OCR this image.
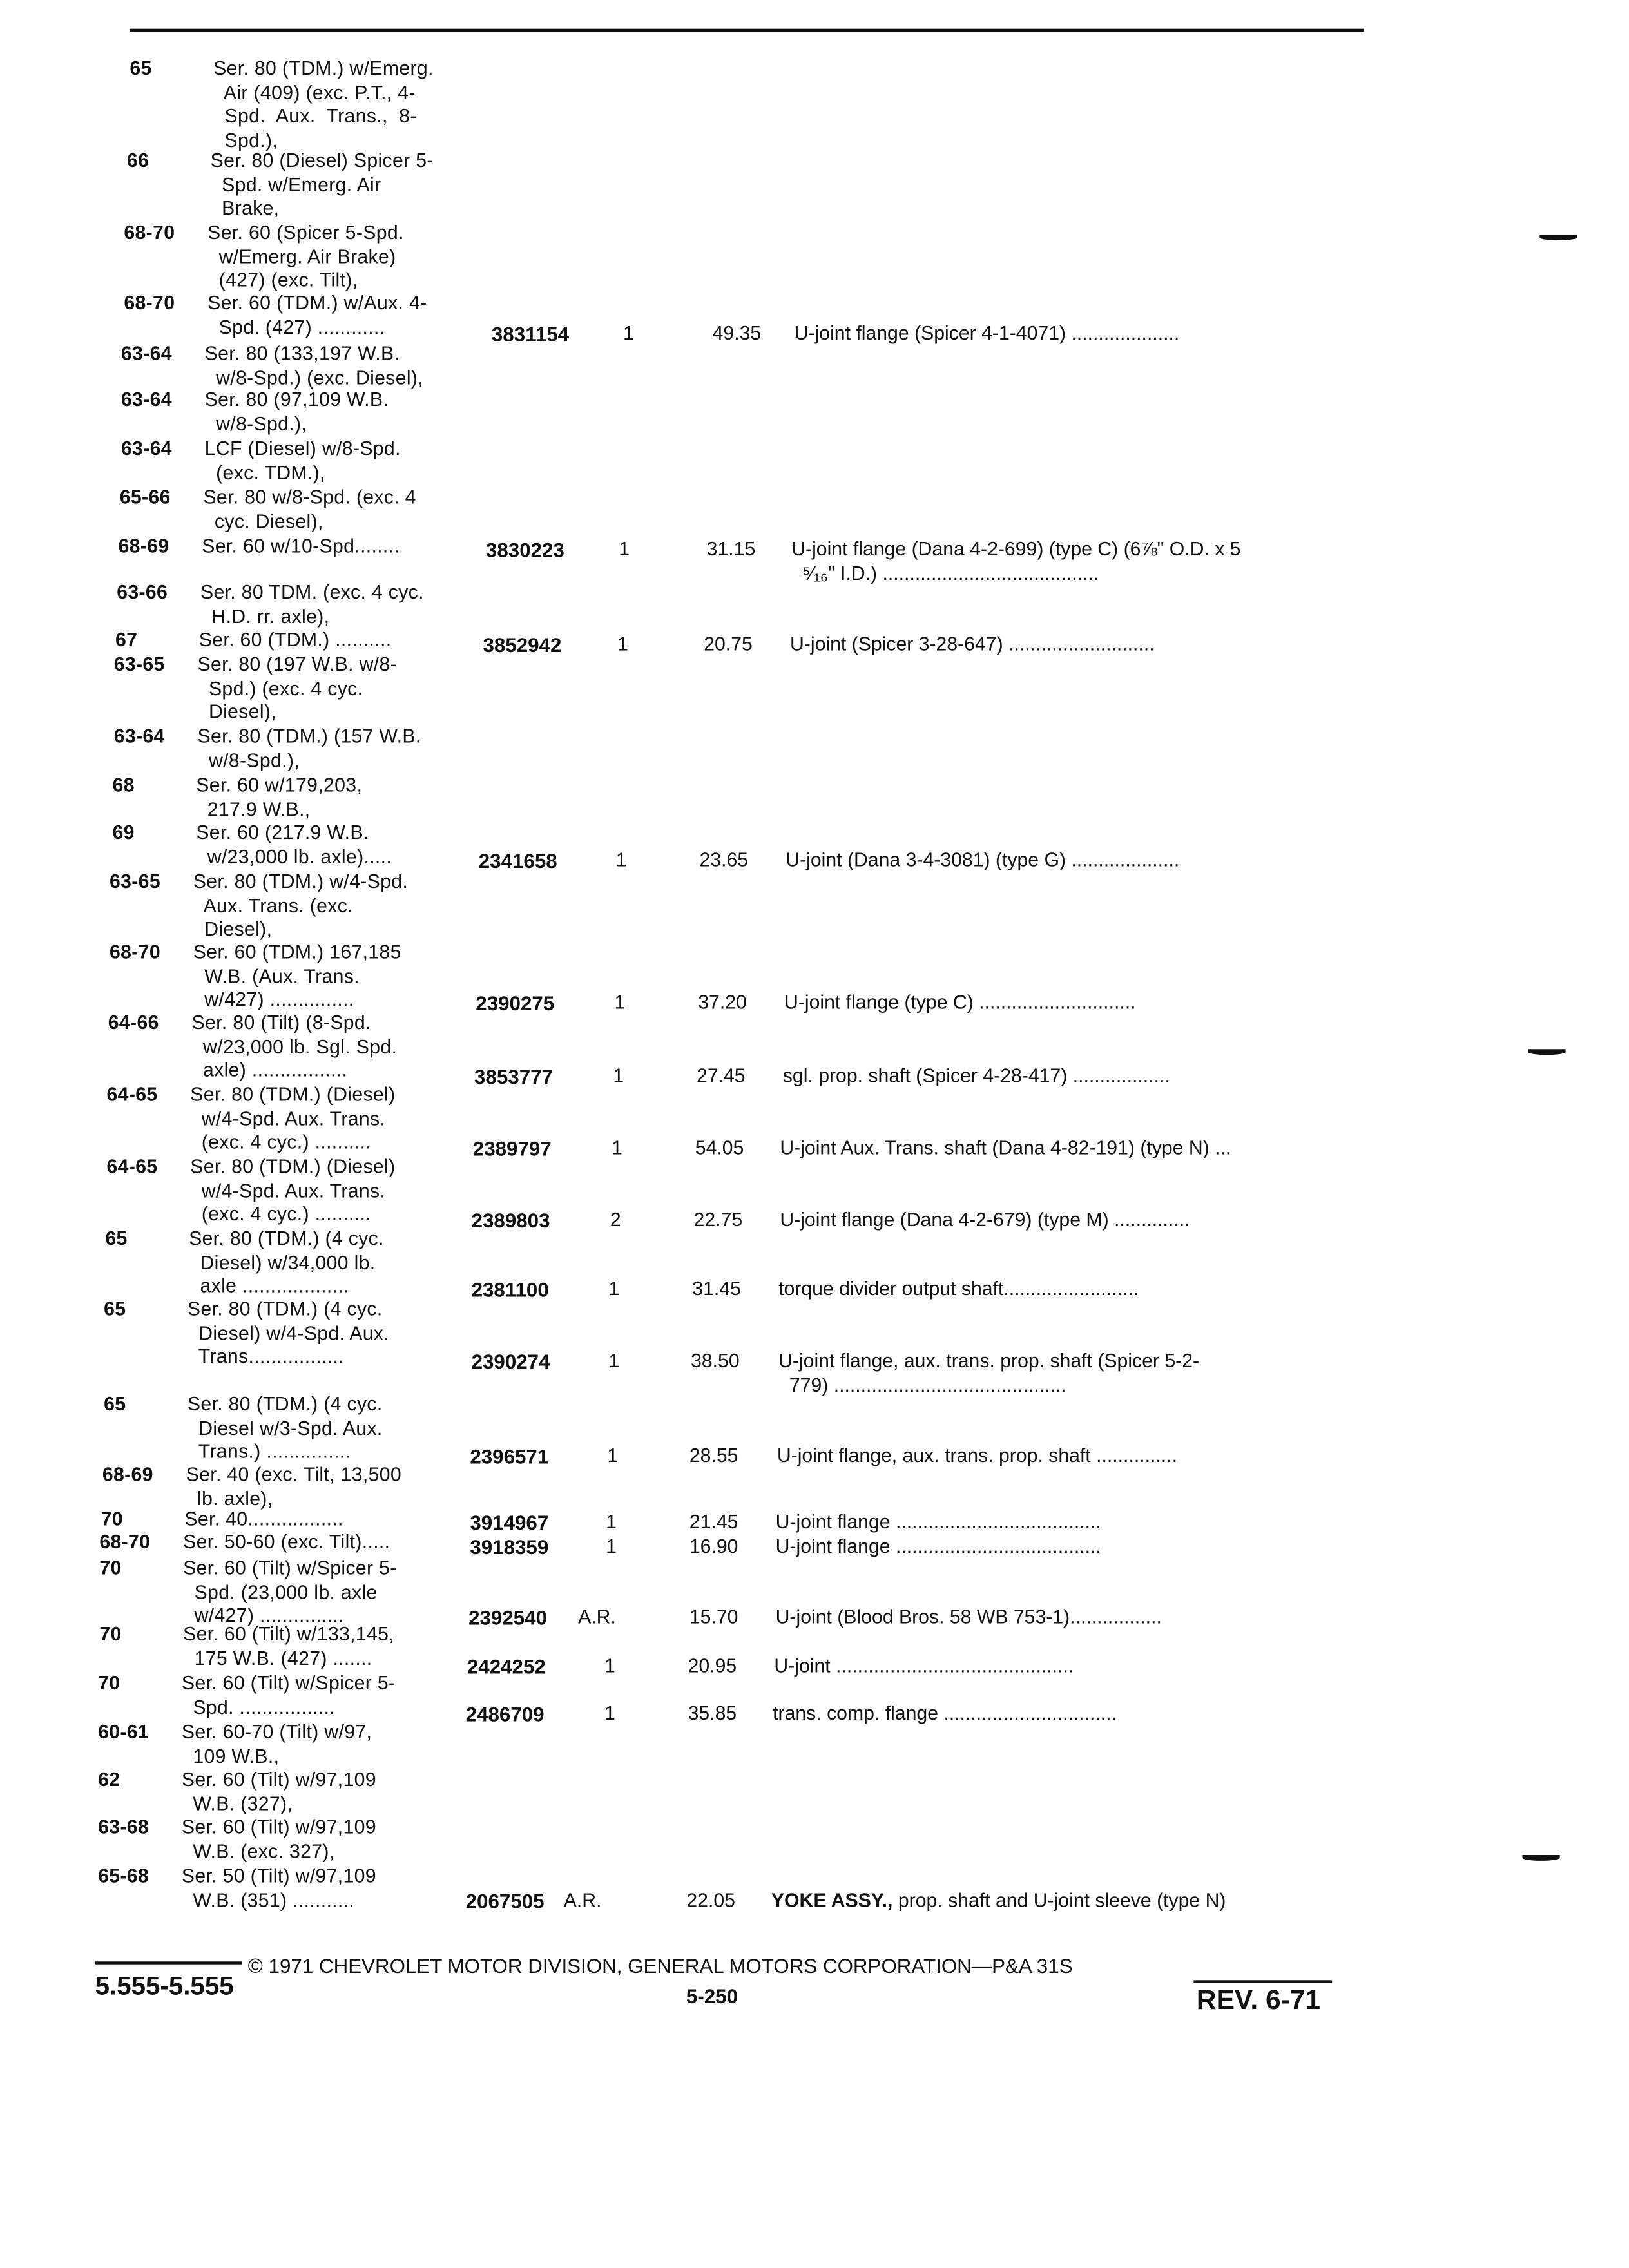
65	Ser. 80 (TDM.) w/Emerg.
Air (409) (exc. P.T., 4-
Spd.  Aux.  Trans.,  8-
Spd.),
66	Ser. 80 (Diesel) Spicer 5-
Spd. w/Emerg. Air
Brake,
68-70	Ser. 60 (Spicer 5-Spd.
w/Emerg. Air Brake)
(427) (exc. Tilt),
68-70	Ser. 60 (TDM.) w/Aux. 4-
Spd. (427) ............
63-64	Ser. 80 (133,197 W.B.
w/8-Spd.) (exc. Diesel),
63-64	Ser. 80 (97,109 W.B.
w/8-Spd.),
63-64	LCF (Diesel) w/8-Spd.
(exc. TDM.),
65-66	Ser. 80 w/8-Spd. (exc. 4
cyc. Diesel),
68-69	Ser. 60 w/10-Spd........
63-66	Ser. 80 TDM. (exc. 4 cyc.
H.D. rr. axle),
67	Ser. 60 (TDM.) ..........
63-65	Ser. 80 (197 W.B. w/8-
Spd.) (exc. 4 cyc.
Diesel),
63-64	Ser. 80 (TDM.) (157 W.B.
w/8-Spd.),
68	Ser. 60 w/179,203,
217.9 W.B.,
69	Ser. 60 (217.9 W.B.
w/23,000 lb. axle).....
63-65	Ser. 80 (TDM.) w/4-Spd.
Aux. Trans. (exc.
Diesel),
68-70	Ser. 60 (TDM.) 167,185
W.B. (Aux. Trans.
w/427) ...............
64-66	Ser. 80 (Tilt) (8-Spd.
w/23,000 lb. Sgl. Spd.
axle) .................
64-65	Ser. 80 (TDM.) (Diesel)
w/4-Spd. Aux. Trans.
(exc. 4 cyc.) ..........
64-65	Ser. 80 (TDM.) (Diesel)
w/4-Spd. Aux. Trans.
(exc. 4 cyc.) ..........
65	Ser. 80 (TDM.) (4 cyc.
Diesel) w/34,000 lb.
axle ...................
65	Ser. 80 (TDM.) (4 cyc.
Diesel) w/4-Spd. Aux.
Trans.................
65	Ser. 80 (TDM.) (4 cyc.
Diesel w/3-Spd. Aux.
Trans.) ...............
68-69	Ser. 40 (exc. Tilt, 13,500
lb. axle),
70	Ser. 40.................
68-70	Ser. 50-60 (exc. Tilt).....
70	Ser. 60 (Tilt) w/Spicer 5-
Spd. (23,000 lb. axle
w/427) ...............
70	Ser. 60 (Tilt) w/133,145,
175 W.B. (427) .......
70	Ser. 60 (Tilt) w/Spicer 5-
Spd. .................
60-61	Ser. 60-70 (Tilt) w/97,
109 W.B.,
62	Ser. 60 (Tilt) w/97,109
W.B. (327),
63-68	Ser. 60 (Tilt) w/97,109
W.B. (exc. 327),
65-68	Ser. 50 (Tilt) w/97,109
W.B. (351) ...........
3831154	1	49.35	U-joint flange (Spicer 4-1-4071) ....................
3830223	1	31.15	U-joint flange (Dana 4-2-699) (type C) (6⅞" O.D. x 5
⁵⁄₁₆" I.D.) ........................................
3852942	1	20.75	U-joint (Spicer 3-28-647) ...........................
2341658	1	23.65	U-joint (Dana 3-4-3081) (type G) ....................
2390275	1	37.20	U-joint flange (type C) .............................
3853777	1	27.45	sgl. prop. shaft (Spicer 4-28-417) ..................
2389797	1	54.05	U-joint Aux. Trans. shaft (Dana 4-82-191) (type N) ...
2389803	2	22.75	U-joint flange (Dana 4-2-679) (type M) ..............
2381100	1	31.45	torque divider output shaft.........................
2390274	1	38.50	U-joint flange, aux. trans. prop. shaft (Spicer 5-2-
779) ...........................................
2396571	1	28.55	U-joint flange, aux. trans. prop. shaft ...............
3914967	1	21.45	U-joint flange ......................................
3918359	1	16.90	U-joint flange ......................................
2392540	A.R.	15.70	U-joint (Blood Bros. 58 WB 753-1).................
2424252	1	20.95	U-joint ............................................
2486709	1	35.85	trans. comp. flange ................................
2067505 A.R.	22.05	YOKE ASSY., prop. shaft and U-joint sleeve (type N)
© 1971 CHEVROLET MOTOR DIVISION, GENERAL MOTORS CORPORATION—P&A 31S
5.555-5.555	5-250	REV. 6-71
